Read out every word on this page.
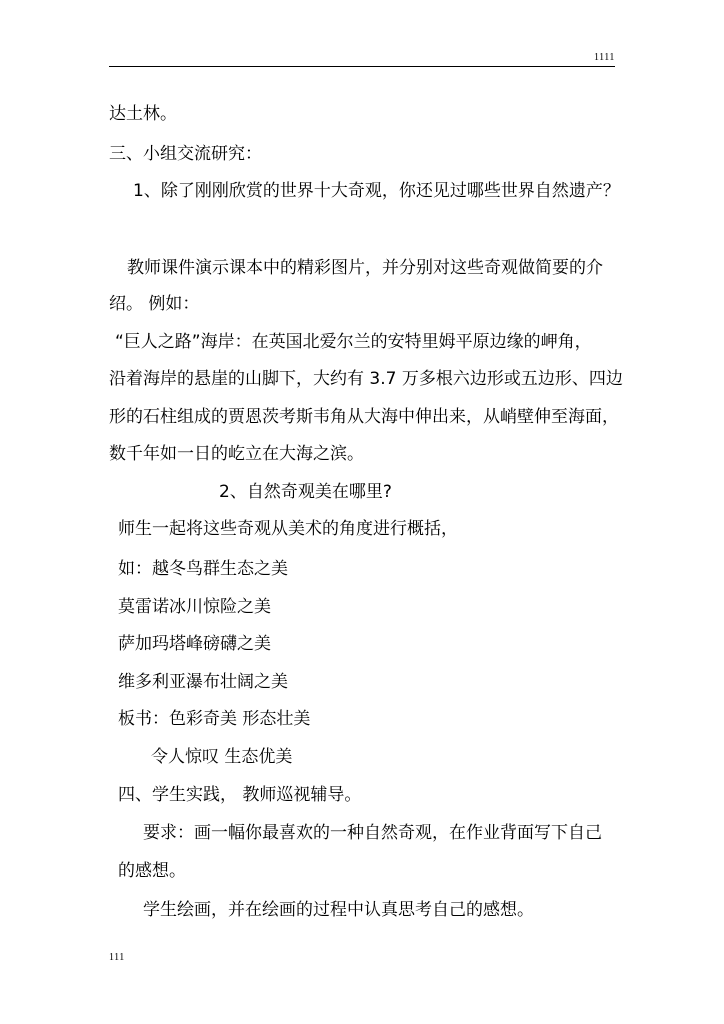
1111
达土林。
三、小组交流研究：
1、除了刚刚欣赏的世界十大奇观，你还见过哪些世界自然遗产？
教师课件演示课本中的精彩图片，并分别对这些奇观做简要的介
绍。 例如：
“巨人之路”海岸：在英国北爱尔兰的安特里姆平原边缘的岬角，
沿着海岸的悬崖的山脚下，大约有 3.7 万多根六边形或五边形、四边
形的石柱组成的贾恩茨考斯韦角从大海中伸出来，从峭壁伸至海面，
数千年如一日的屹立在大海之滨。
2、自然奇观美在哪里?
师生一起将这些奇观从美术的角度进行概括，
如：越冬鸟群生态之美
莫雷诺冰川惊险之美
萨加玛塔峰磅礴之美
维多利亚瀑布壮阔之美
板书：色彩奇美 形态壮美
令人惊叹 生态优美
四、学生实践， 教师巡视辅导。
要求：画一幅你最喜欢的一种自然奇观，在作业背面写下自己
的感想。
学生绘画，并在绘画的过程中认真思考自己的感想。
111
